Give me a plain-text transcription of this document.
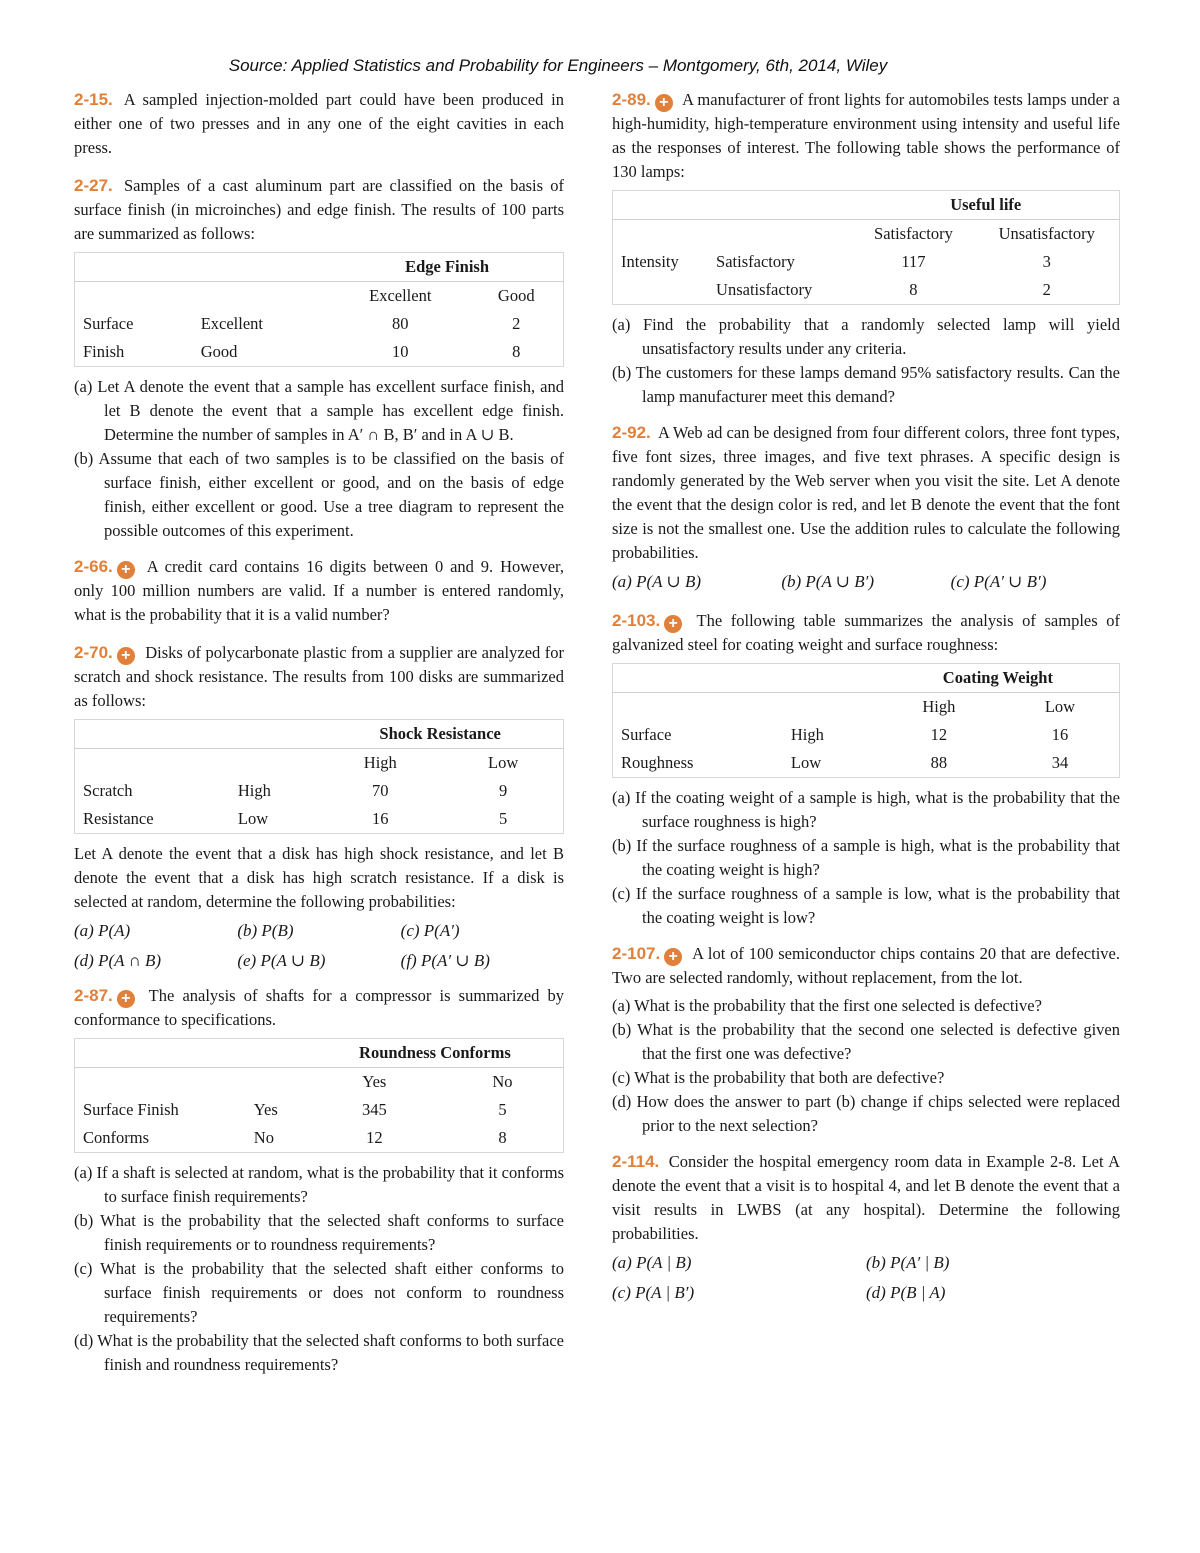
Source: Applied Statistics and Probability for Engineers – Montgomery, 6th, 2014, Wiley

2-15. A sampled injection-molded part could have been produced in either one of two presses and in any one of the eight cavities in each press.

2-27. Samples of a cast aluminum part are classified on the basis of surface finish (in microinches) and edge finish. The results of 100 parts are summarized as follows:

		Edge Finish	
		Excellent	Good
Surface	Excellent	80	2
Finish	Good	10	8
(a) Let A denote the event that a sample has excellent surface finish, and let B denote the event that a sample has excellent edge finish. Determine the number of samples in A′ ∩ B, B′ and in A ∪ B.
(b) Assume that each of two samples is to be classified on the basis of surface finish, either excellent or good, and on the basis of edge finish, either excellent or good. Use a tree diagram to represent the possible outcomes of this experiment.

2-66. + A credit card contains 16 digits between 0 and 9. However, only 100 million numbers are valid. If a number is entered randomly, what is the probability that it is a valid number?

2-70. + Disks of polycarbonate plastic from a supplier are analyzed for scratch and shock resistance. The results from 100 disks are summarized as follows:

		Shock Resistance	
		High	Low
Scratch	High	70	9
Resistance	Low	16	5

Let A denote the event that a disk has high shock resistance, and let B denote the event that a disk has high scratch resistance. If a disk is selected at random, determine the following probabilities:

(a) P(A)	(b) P(B)	(c) P(A′)
(d) P(A ∩ B)	(e) P(A ∪ B)	(f) P(A′ ∪ B)

2-87. + The analysis of shafts for a compressor is summarized by conformance to specifications.

		Roundness Conforms	
		Yes	No
Surface Finish	Yes	345	5
Conforms	No	12	8
(a) If a shaft is selected at random, what is the probability that it conforms to surface finish requirements?
(b) What is the probability that the selected shaft conforms to surface finish requirements or to roundness requirements?
(c) What is the probability that the selected shaft either conforms to surface finish requirements or does not conform to roundness requirements?
(d) What is the probability that the selected shaft conforms to both surface finish and roundness requirements?

2-89. + A manufacturer of front lights for automobiles tests lamps under a high-humidity, high-temperature environment using intensity and useful life as the responses of interest. The following table shows the performance of 130 lamps:

		Useful life	
		Satisfactory	Unsatisfactory
Intensity	Satisfactory	117	3
	Unsatisfactory	8	2
(a) Find the probability that a randomly selected lamp will yield unsatisfactory results under any criteria.
(b) The customers for these lamps demand 95% satisfactory results. Can the lamp manufacturer meet this demand?

2-92. A Web ad can be designed from four different colors, three font types, five font sizes, three images, and five text phrases. A specific design is randomly generated by the Web server when you visit the site. Let A denote the event that the design color is red, and let B denote the event that the font size is not the smallest one. Use the addition rules to calculate the following probabilities.

(a) P(A ∪ B)	(b) P(A ∪ B′)	(c) P(A′ ∪ B′)

2-103. + The following table summarizes the analysis of samples of galvanized steel for coating weight and surface roughness:

		Coating Weight	
		High	Low
Surface	High	12	16
Roughness	Low	88	34
(a) If the coating weight of a sample is high, what is the probability that the surface roughness is high?
(b) If the surface roughness of a sample is high, what is the probability that the coating weight is high?
(c) If the surface roughness of a sample is low, what is the probability that the coating weight is low?

2-107. + A lot of 100 semiconductor chips contains 20 that are defective. Two are selected randomly, without replacement, from the lot.

(a) What is the probability that the first one selected is defective?
(b) What is the probability that the second one selected is defective given that the first one was defective?
(c) What is the probability that both are defective?
(d) How does the answer to part (b) change if chips selected were replaced prior to the next selection?

2-114. Consider the hospital emergency room data in Example 2-8. Let A denote the event that a visit is to hospital 4, and let B denote the event that a visit results in LWBS (at any hospital). Determine the following probabilities.

(a) P(A | B)	(b) P(A′ | B)
(c) P(A | B′)	(d) P(B | A)
